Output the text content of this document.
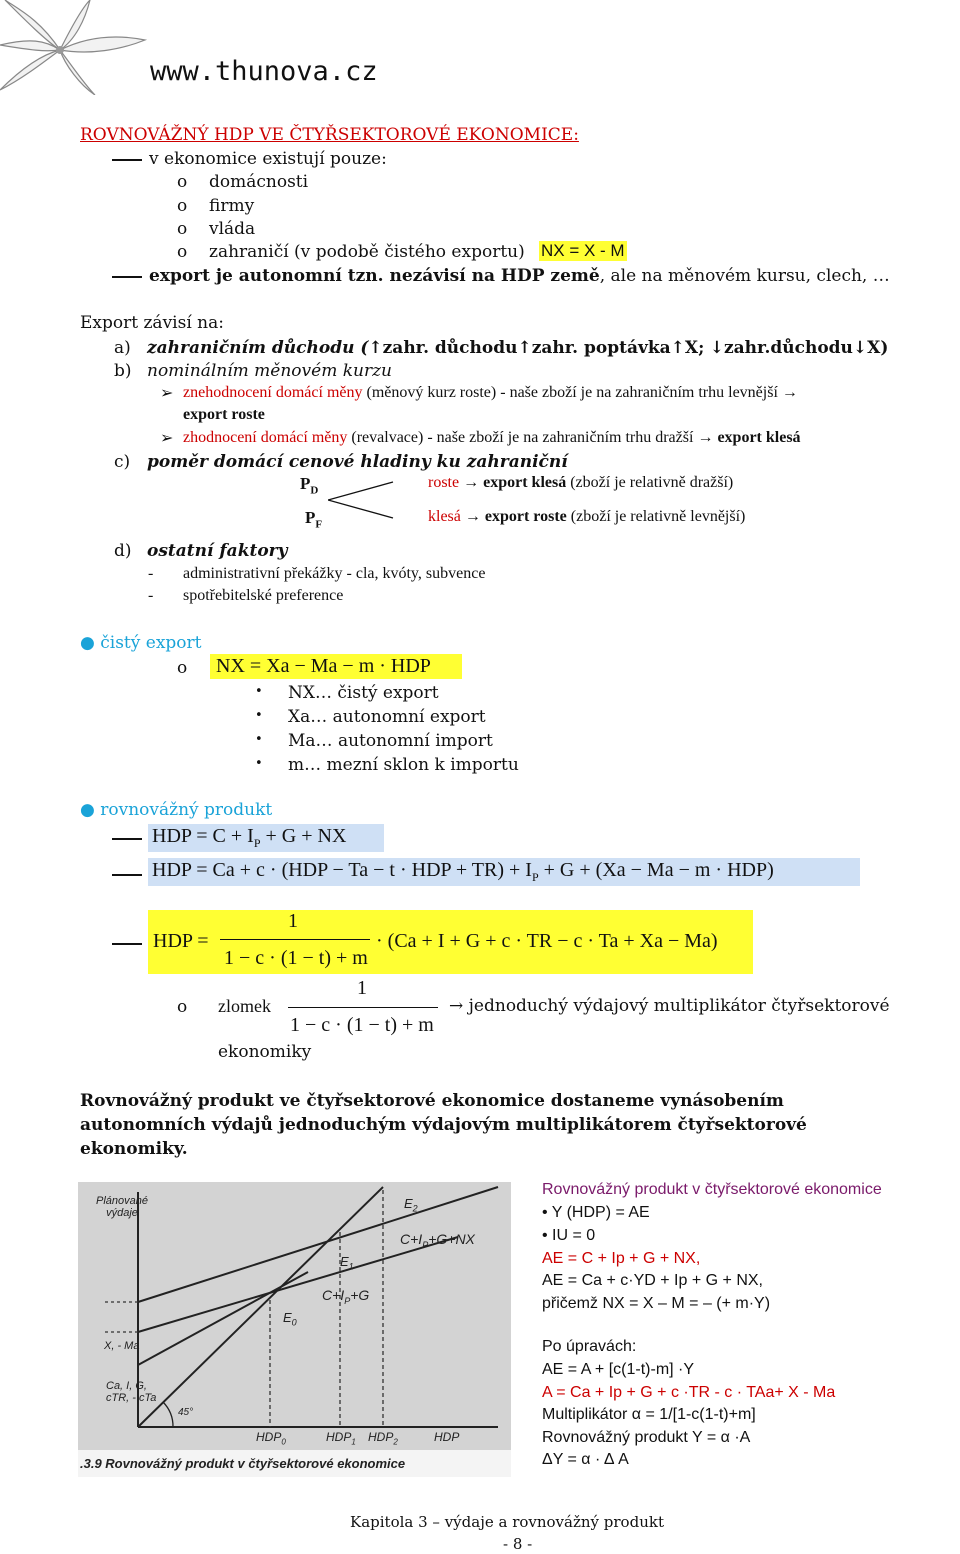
www.thunova.cz
ROVNOVÁŽNÝ HDP VE ČTYŘSEKTOROVÉ EKONOMICE:
v ekonomice existují pouze:
o domácnosti
o firmy
o vláda
o zahraničí (v podobě čistého exportu) NX = X - M
export je autonomní tzn. nezávisí na HDP země, ale na měnovém kursu, clech, …
Export závisí na:
a) zahraničním důchodu (↑zahr. důchodu↑zahr. poptávka↑X; ↓zahr.důchodu↓X)
b) nominálním měnovém kurzu
➢ znehodnocení domácí měny (měnový kurz roste) - naše zboží je na zahraničním trhu levnější →
export roste
➢ zhodnocení domácí měny (revalvace) - naše zboží je na zahraničním trhu dražší → export klesá
c) poměr domácí cenové hladiny ku zahraniční
$P_D$
$P_F$
roste → export klesá (zboží je relativně dražší)
klesá → export roste (zboží je relativně levnější)
d) ostatní faktory
- administrativní překážky - cla, kvóty, subvence
- spotřebitelské preference
● čistý export
o	NX = Xa − Ma − m · HDP
• NX… čistý export
• Xa… autonomní export
• Ma… autonomní import
• m… mezní sklon k importu
● rovnovážný produkt
HDP = $C + I_P + G$ + NX
HDP = Ca + c · (HDP − Ta − t · HDP + $TR) + I_P + G + (Xa - Ma - m \cdot HDP)$
HDP =
1
1 − c · (1 − t) + m
· (Ca + I + G + c · TR − c · Ta + Xa − Ma)
o zlomek
1
1 − c · (1 − t) + m
→ jednoduchý výdajový multiplikátor čtyřsektorové
ekonomiky
Rovnovážný produkt ve čtyřsektorové ekonomice dostaneme vynásobením autonomních výdajů jednoduchým výdajovým multiplikátorem čtyřsektorové ekonomiky.
Plánované
výdaje
$E_2$
$C+I_P+G+NX$
$E_1$
$C+I_P+G$
$E_0$
X, - Ma
Ca, I, G,
cTR, - cTa
45°
$HDP_0$	$HDP_1$ $HDP_2$	HDP
.3.9 Rovnovážný produkt v čtyřsektorové ekonomice
Rovnovážný produkt v čtyřsektorové ekonomice
• Y (HDP) = AE
• IU = 0
AE = C + Ip + G + NX,
AE = Ca + c·YD + Ip + G + NX,
přičemž NX = X – M = – (+ m·Y)
Po úpravách:
AE = A + [c(1-t)-m] ·Y
A = Ca + Ip + G + c ·TR - c · TAa+ X - Ma
Multiplikátor α = 1/[1-c(1-t)+m]
Rovnovážný produkt Y = α ·A
ΔY = α · Δ A
Kapitola 3 – výdaje a rovnovážný produkt
- 8 -
